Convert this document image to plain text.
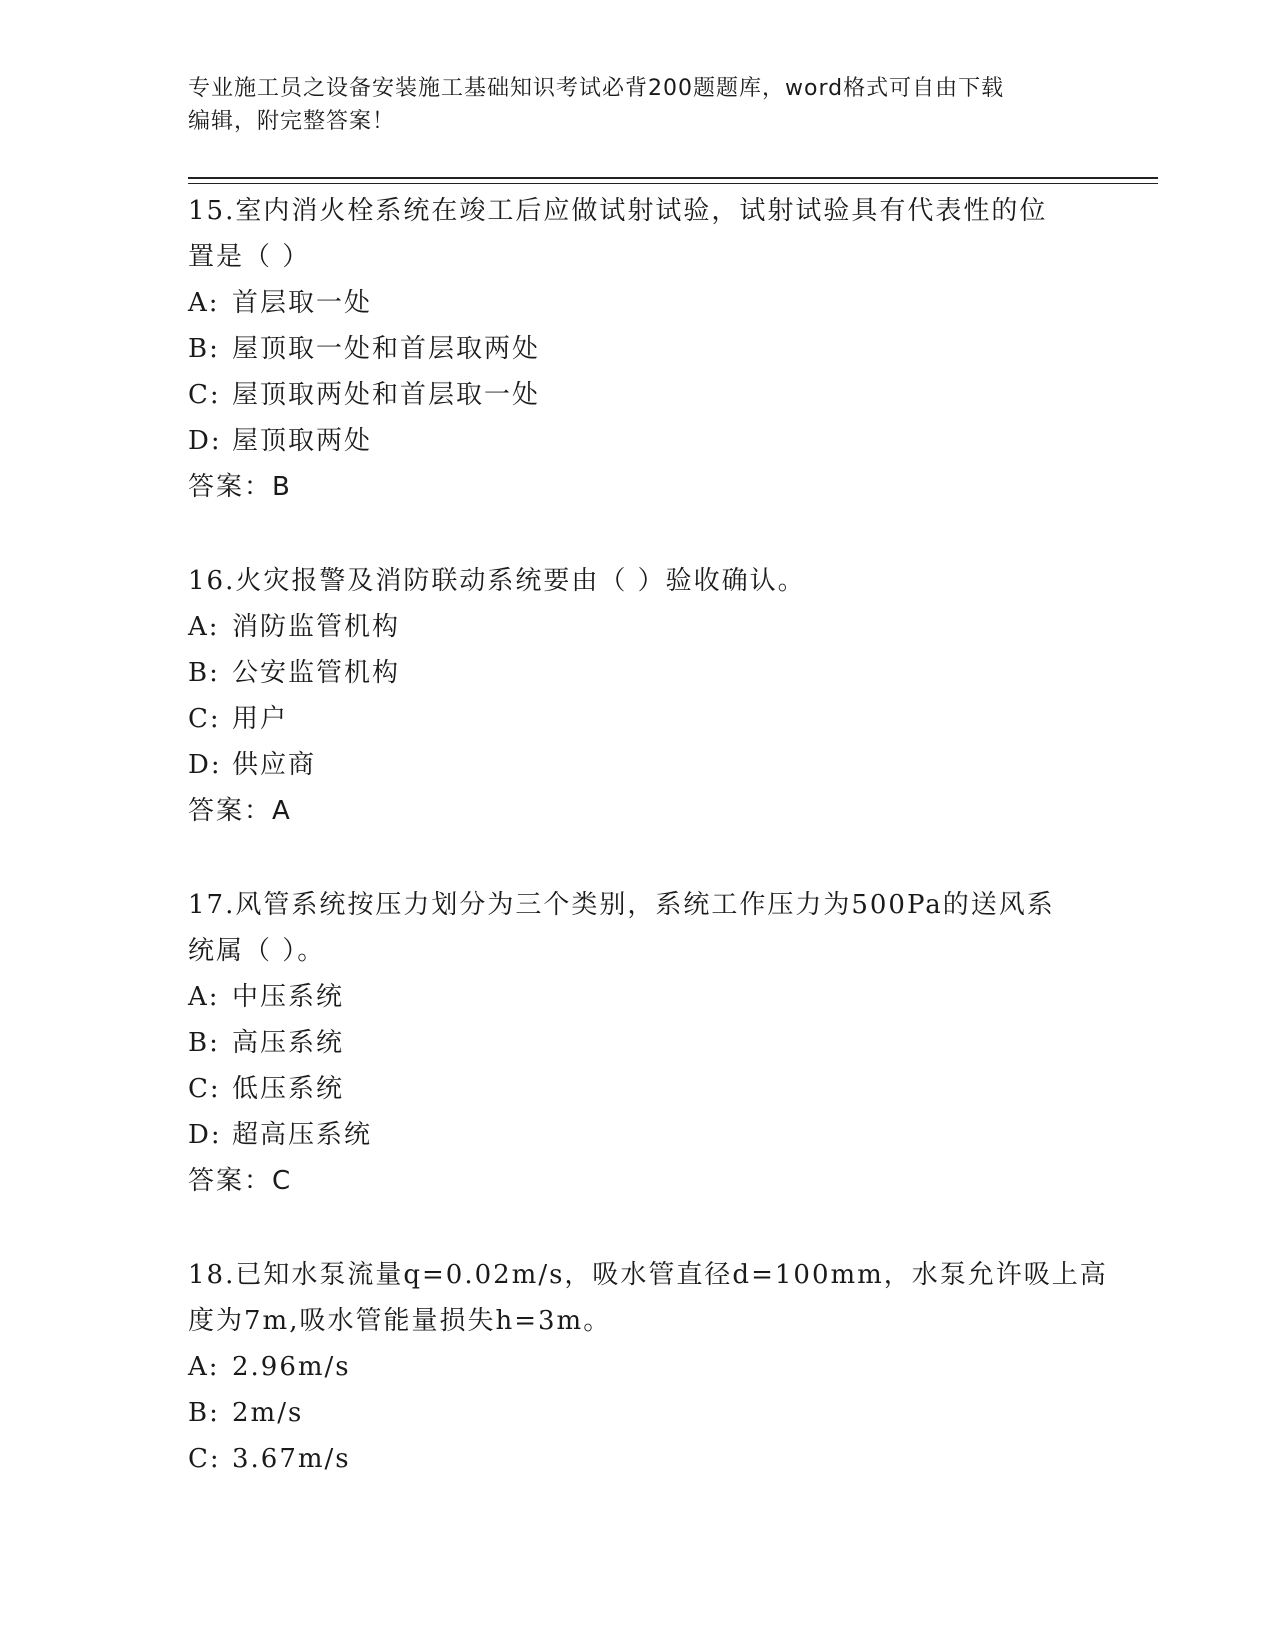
专业施工员之设备安装施工基础知识考试必背200题题库，word格式可自由下载
编辑，附完整答案！
15.室内消火栓系统在竣工后应做试射试验，试射试验具有代表性的位
置是（ ）
A: 首层取一处
B: 屋顶取一处和首层取两处
C: 屋顶取两处和首层取一处
D: 屋顶取两处
答案：B
16.火灾报警及消防联动系统要由（ ）验收确认。
A: 消防监管机构
B: 公安监管机构
C: 用户
D: 供应商
答案：A
17.风管系统按压力划分为三个类别，系统工作压力为500Pa的送风系
统属（ ）。
A: 中压系统
B: 高压系统
C: 低压系统
D: 超高压系统
答案：C
18.已知水泵流量q=0.02m/s，吸水管直径d=100mm，水泵允许吸上高
度为7m,吸水管能量损失h=3m。
A: 2.96m/s
B: 2m/s
C: 3.67m/s
